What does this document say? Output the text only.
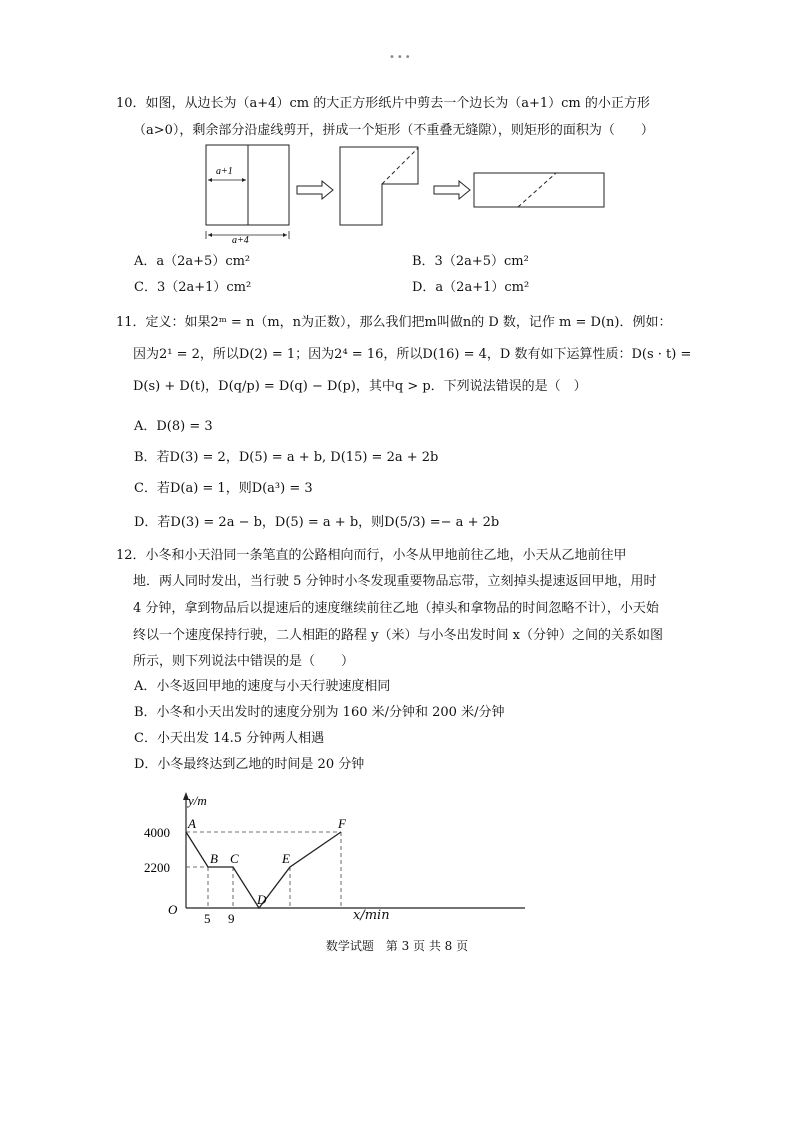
•••
10．如图，从边长为（a+4）cm 的大正方形纸片中剪去一个边长为（a+1）cm 的小正方形
（a>0），剩余部分沿虚线剪开，拼成一个矩形（不重叠无缝隙），则矩形的面积为（　　）
a+1
a+4
A．a（2a+5）cm²	B．3（2a+5）cm²
C．3（2a+1）cm²	D．a（2a+1）cm²
11．定义：如果2ᵐ = n（m，n为正数），那么我们把m叫做n的 D 数，记作 m = D(n)．例如：
因为2¹ = 2，所以D(2) = 1；因为2⁴ = 16，所以D(16) = 4，D 数有如下运算性质：D(s · t) =
D(s) + D(t)，D(q/p) = D(q) − D(p)，其中q > p．下列说法错误的是（　）
A．D(8) = 3
B．若D(3) = 2，D(5) = a + b, D(15) = 2a + 2b
C．若D(a) = 1，则D(a³) = 3
D．若D(3) = 2a − b，D(5) = a + b，则D(5/3) =− a + 2b
12．小冬和小天沿同一条笔直的公路相向而行，小冬从甲地前往乙地，小天从乙地前往甲
地．两人同时发出，当行驶 5 分钟时小冬发现重要物品忘带，立刻掉头提速返回甲地，用时
4 分钟，拿到物品后以提速后的速度继续前往乙地（掉头和拿物品的时间忽略不计），小天始
终以一个速度保持行驶，二人相距的路程 y（米）与小冬出发时间 x（分钟）之间的关系如图
所示，则下列说法中错误的是（　　）
A．小冬返回甲地的速度与小天行驶速度相同
B．小冬和小天出发时的速度分别为 160 米/分钟和 200 米/分钟
C．小天出发 14.5 分钟两人相遇
D．小冬最终达到乙地的时间是 20 分钟
y/m
O
4000
2200
5 9
A
B C
D
E
F
x/min
数学试题 第 3 页 共 8 页
